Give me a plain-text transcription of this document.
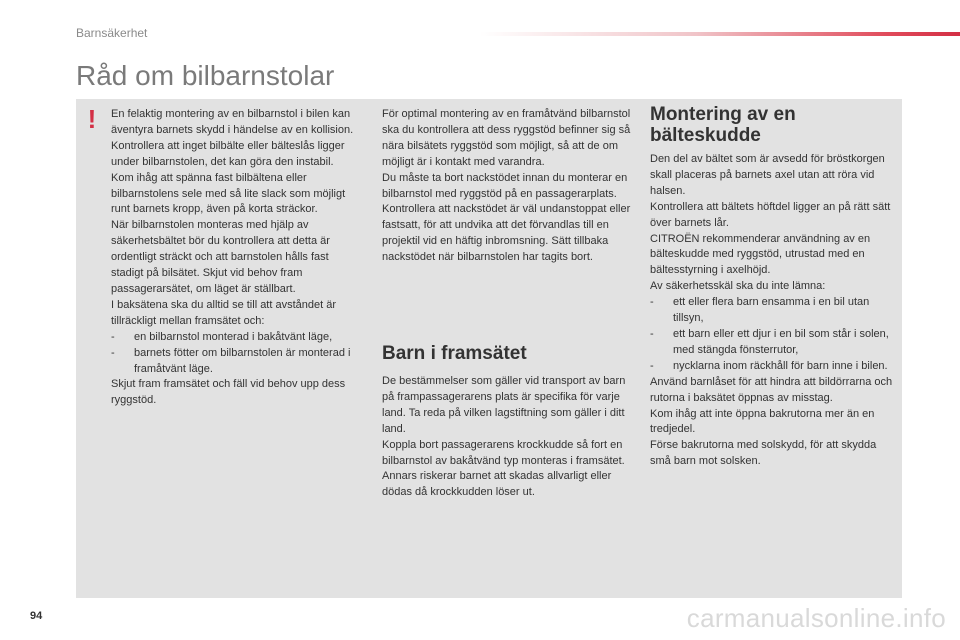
Barnsäkerhet
Råd om bilbarnstolar
!	En felaktig montering av en bilbarnstol i bilen kan äventyra barnets skydd i händelse av en kollision.

Kontrollera att inget bilbälte eller bälteslås ligger under bilbarnstolen, det kan göra den instabil.

Kom ihåg att spänna fast bilbältena eller bilbarnstolens sele med så lite slack som möjligt runt barnets kropp, även på korta sträckor.

När bilbarnstolen monteras med hjälp av säkerhetsbältet bör du kontrollera att detta är ordentligt sträckt och att barnstolen hålls fast stadigt på bilsätet. Skjut vid behov fram passagerarsätet, om läget är ställbart.

I baksätena ska du alltid se till att avståndet är tillräckligt mellan framsätet och:

- en bilbarnstol monterad i bakåtvänt läge,

- barnets fötter om bilbarnstolen är monterad i framåtvänt läge.

Skjut fram framsätet och fäll vid behov upp dess ryggstöd.

För optimal montering av en framåtvänd bilbarnstol ska du kontrollera att dess ryggstöd befinner sig så nära bilsätets ryggstöd som möjligt, så att de om möjligt är i kontakt med varandra.

Du måste ta bort nackstödet innan du monterar en bilbarnstol med ryggstöd på en passagerarplats.

Kontrollera att nackstödet är väl undanstoppat eller fastsatt, för att undvika att det förvandlas till en projektil vid en häftig inbromsning. Sätt tillbaka nackstödet när bilbarnstolen har tagits bort.

Barn i framsätet

De bestämmelser som gäller vid transport av barn på frampassagerarens plats är specifika för varje land. Ta reda på vilken lagstiftning som gäller i ditt land.

Koppla bort passagerarens krockkudde så fort en bilbarnstol av bakåtvänd typ monteras i framsätet.

Annars riskerar barnet att skadas allvarligt eller dödas då krockkudden löser ut.

Montering av en bälteskudde

Den del av bältet som är avsedd för bröstkorgen skall placeras på barnets axel utan att röra vid halsen.

Kontrollera att bältets höftdel ligger an på rätt sätt över barnets lår.

CITROËN rekommenderar användning av en bälteskudde med ryggstöd, utrustad med en bältesstyrning i axelhöjd.

Av säkerhetsskäl ska du inte lämna:

- ett eller flera barn ensamma i en bil utan tillsyn,

- ett barn eller ett djur i en bil som står i solen, med stängda fönsterrutor,

- nycklarna inom räckhåll för barn inne i bilen.

Använd barnlåset för att hindra att bildörrarna och rutorna i baksätet öppnas av misstag.

Kom ihåg att inte öppna bakrutorna mer än en tredjedel.

Förse bakrutorna med solskydd, för att skydda små barn mot solsken.

94	carmanualsonline.info
